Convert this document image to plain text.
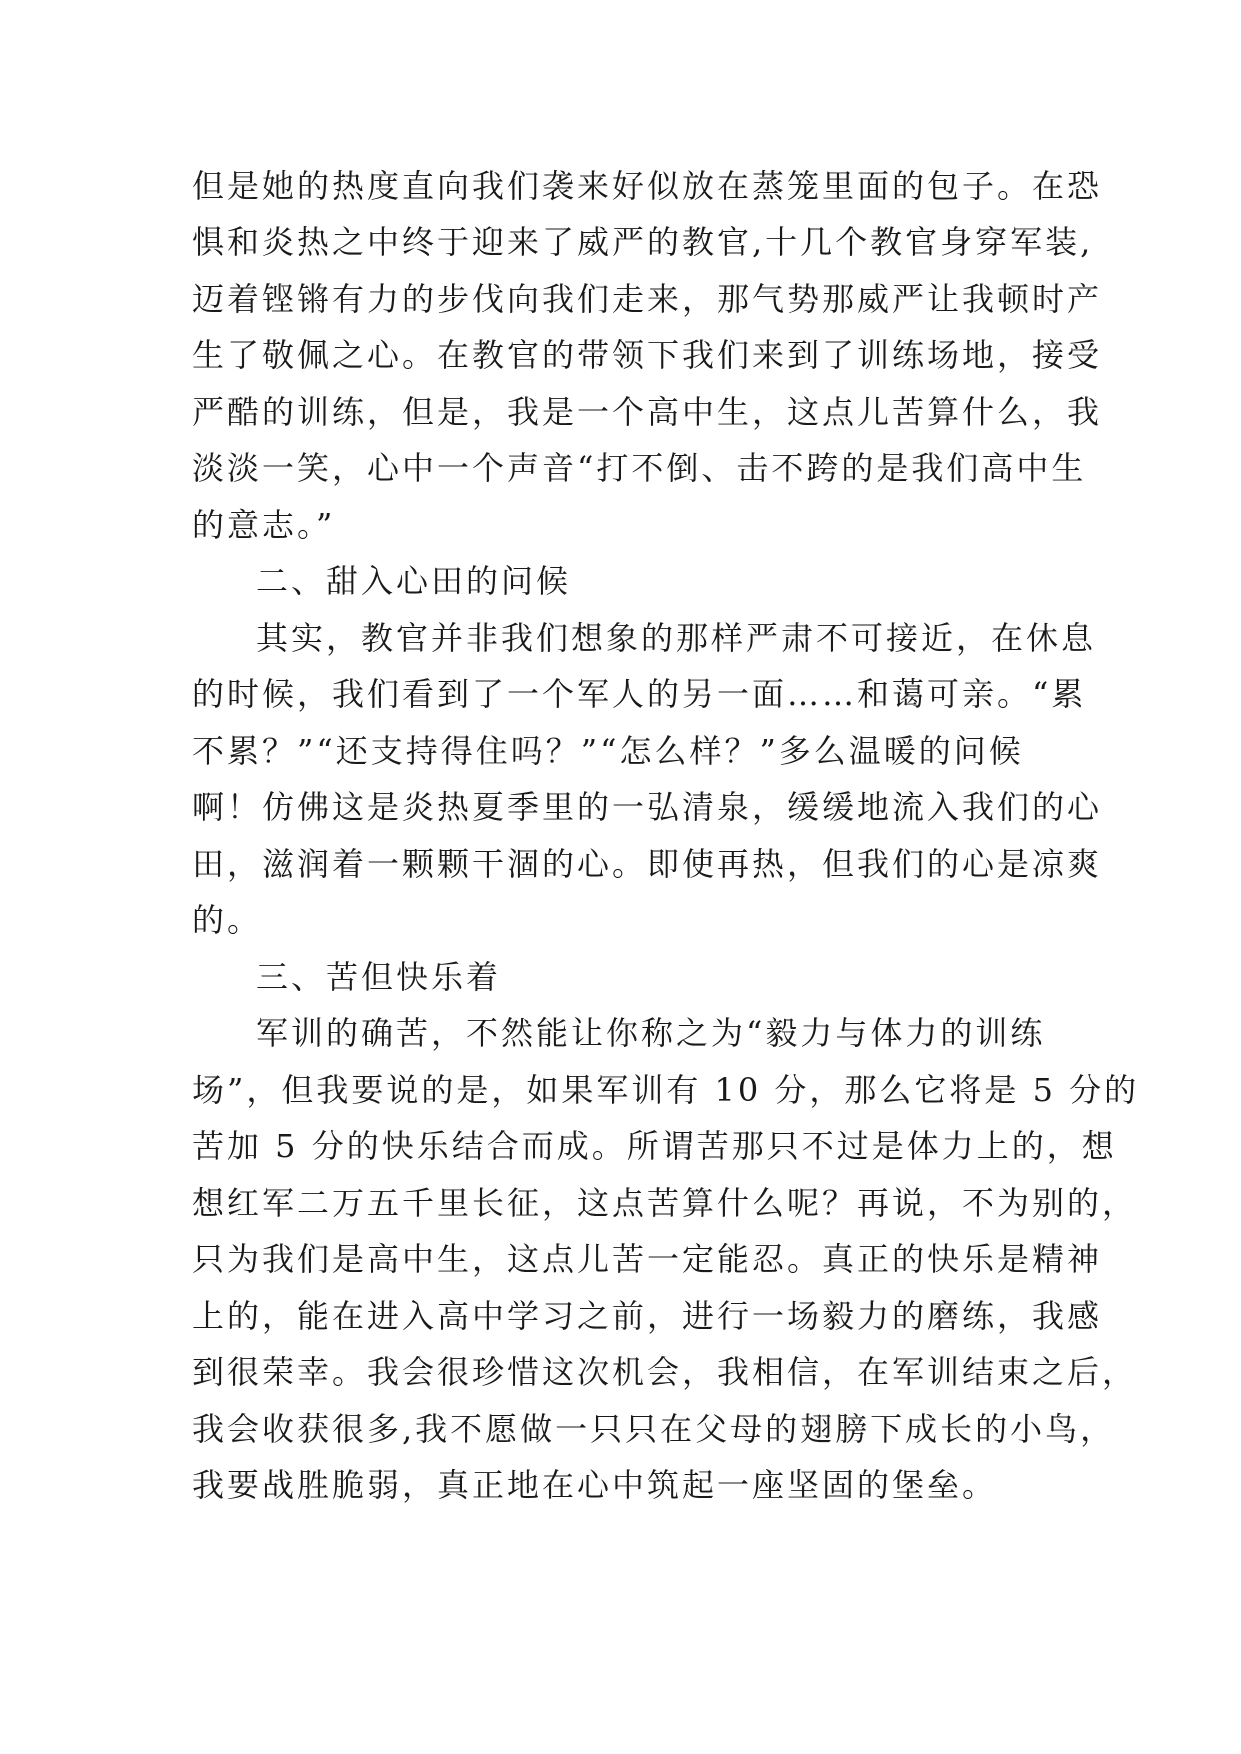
但是她的热度直向我们袭来好似放在蒸笼里面的包子。在恐
惧和炎热之中终于迎来了威严的教官,十几个教官身穿军装,
迈着铿锵有力的步伐向我们走来，那气势那威严让我顿时产
生了敬佩之心。在教官的带领下我们来到了训练场地，接受
严酷的训练，但是，我是一个高中生，这点儿苦算什么，我
淡淡一笑，心中一个声音“打不倒、击不跨的是我们高中生
的意志。”
二、甜入心田的问候
其实，教官并非我们想象的那样严肃不可接近，在休息
的时候，我们看到了一个军人的另一面……和蔼可亲。“累
不累？”“还支持得住吗？”“怎么样？”多么温暖的问候
啊！仿佛这是炎热夏季里的一弘清泉，缓缓地流入我们的心
田，滋润着一颗颗干涸的心。即使再热，但我们的心是凉爽
的。
三、苦但快乐着
军训的确苦，不然能让你称之为“毅力与体力的训练
场”，但我要说的是，如果军训有 10 分，那么它将是 5 分的
苦加 5 分的快乐结合而成。所谓苦那只不过是体力上的，想
想红军二万五千里长征，这点苦算什么呢？再说，不为别的，
只为我们是高中生，这点儿苦一定能忍。真正的快乐是精神
上的，能在进入高中学习之前，进行一场毅力的磨练，我感
到很荣幸。我会很珍惜这次机会，我相信，在军训结束之后，
我会收获很多,我不愿做一只只在父母的翅膀下成长的小鸟，
我要战胜脆弱，真正地在心中筑起一座坚固的堡垒。
